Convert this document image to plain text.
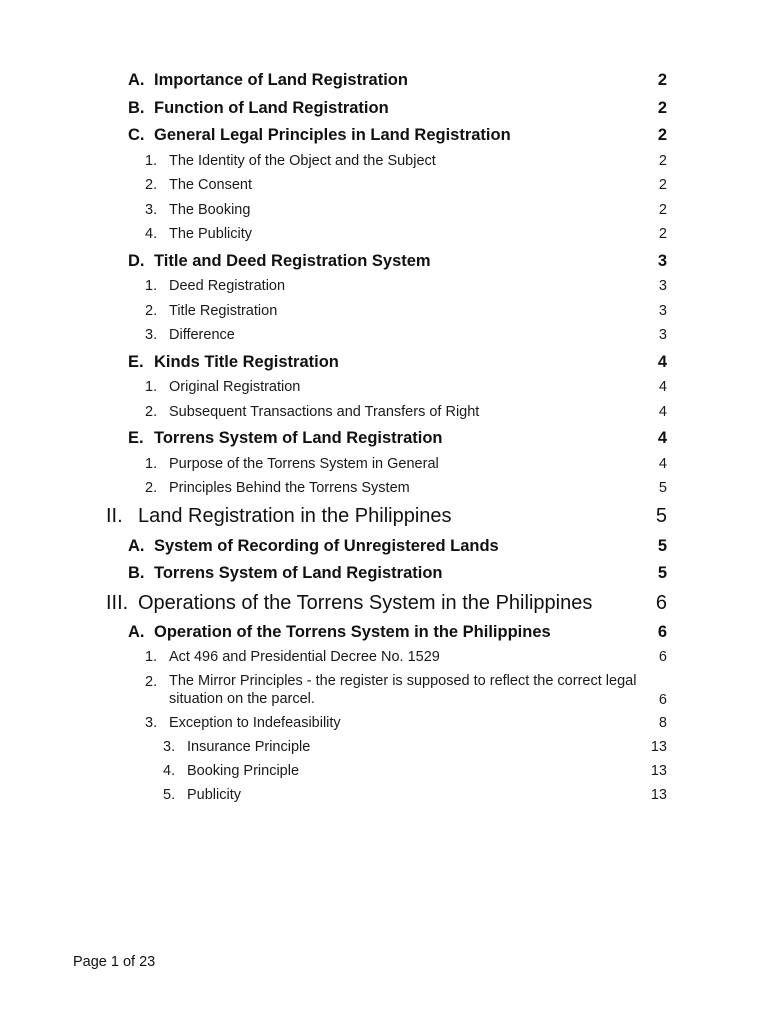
A. Importance of Land Registration	2
B. Function of Land Registration	2
C. General Legal Principles in Land Registration	2
1. The Identity of the Object and the Subject	2
2. The Consent	2
3. The Booking	2
4. The Publicity	2
D. Title and Deed Registration System	3
1. Deed Registration	3
2. Title Registration	3
3. Difference	3
E. Kinds Title Registration	4
1. Original Registration	4
2. Subsequent Transactions and Transfers of Right	4
E. Torrens System of Land Registration	4
1. Purpose of the Torrens System in General	4
2. Principles Behind the Torrens System	5
II. Land Registration in the Philippines	5
A. System of Recording of Unregistered Lands	5
B. Torrens System of Land Registration	5
III. Operations of the Torrens System in the Philippines	6
A. Operation of the Torrens System in the Philippines	6
1. Act 496 and Presidential Decree No. 1529	6
2. The Mirror Principles - the register is supposed to reflect the correct legal situation on the parcel.	6
3. Exception to Indefeasibility	8
3. Insurance Principle	13
4. Booking Principle	13
5. Publicity	13
Page 1 of 23
